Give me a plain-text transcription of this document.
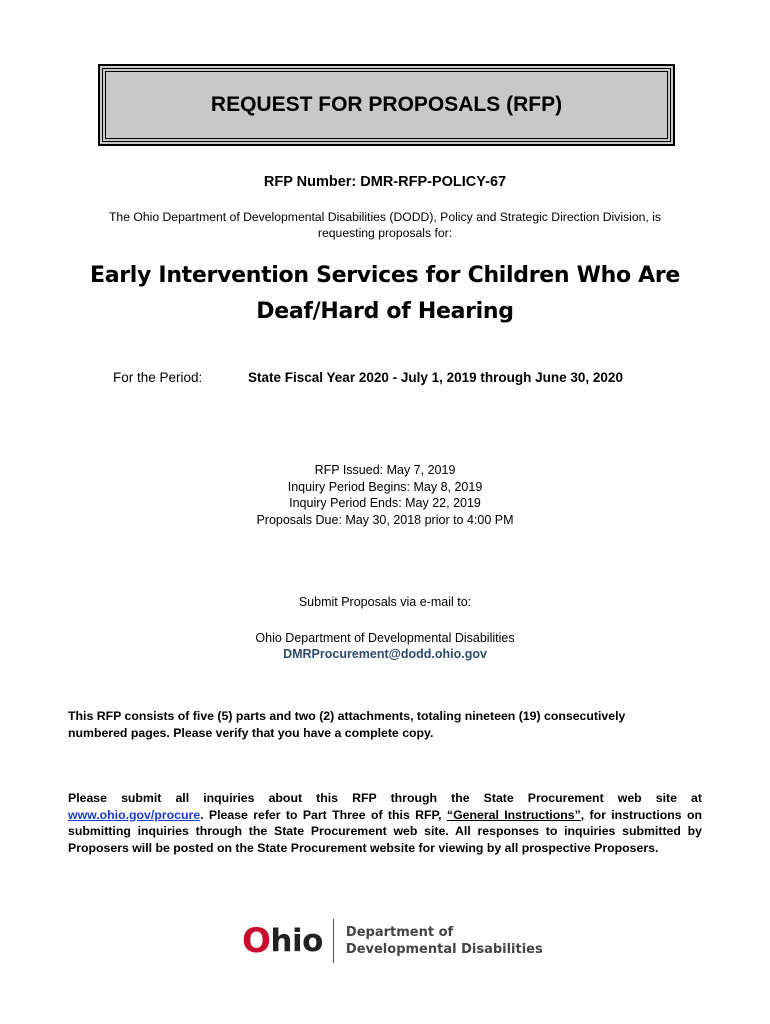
REQUEST FOR PROPOSALS (RFP)
RFP Number: DMR-RFP-POLICY-67
The Ohio Department of Developmental Disabilities (DODD), Policy and Strategic Direction Division, is
requesting proposals for:
Early Intervention Services for Children Who Are
Deaf/Hard of Hearing
For the Period:	State Fiscal Year 2020 - July 1, 2019 through June 30, 2020
RFP Issued: May 7, 2019
Inquiry Period Begins: May 8, 2019
Inquiry Period Ends: May 22, 2019
Proposals Due: May 30, 2018 prior to 4:00 PM
Submit Proposals via e-mail to:
Ohio Department of Developmental Disabilities
DMRProcurement@dodd.ohio.gov
This RFP consists of five (5) parts and two (2) attachments, totaling nineteen (19) consecutively
numbered pages. Please verify that you have a complete copy.
Please submit all inquiries about this RFP through the State Procurement web site at www.ohio.gov/procure. Please refer to Part Three of this RFP, “General Instructions”, for instructions on submitting inquiries through the State Procurement web site. All responses to inquiries submitted by Proposers will be posted on the State Procurement website for viewing by all prospective Proposers.
O hio Department of
Developmental Disabilities
